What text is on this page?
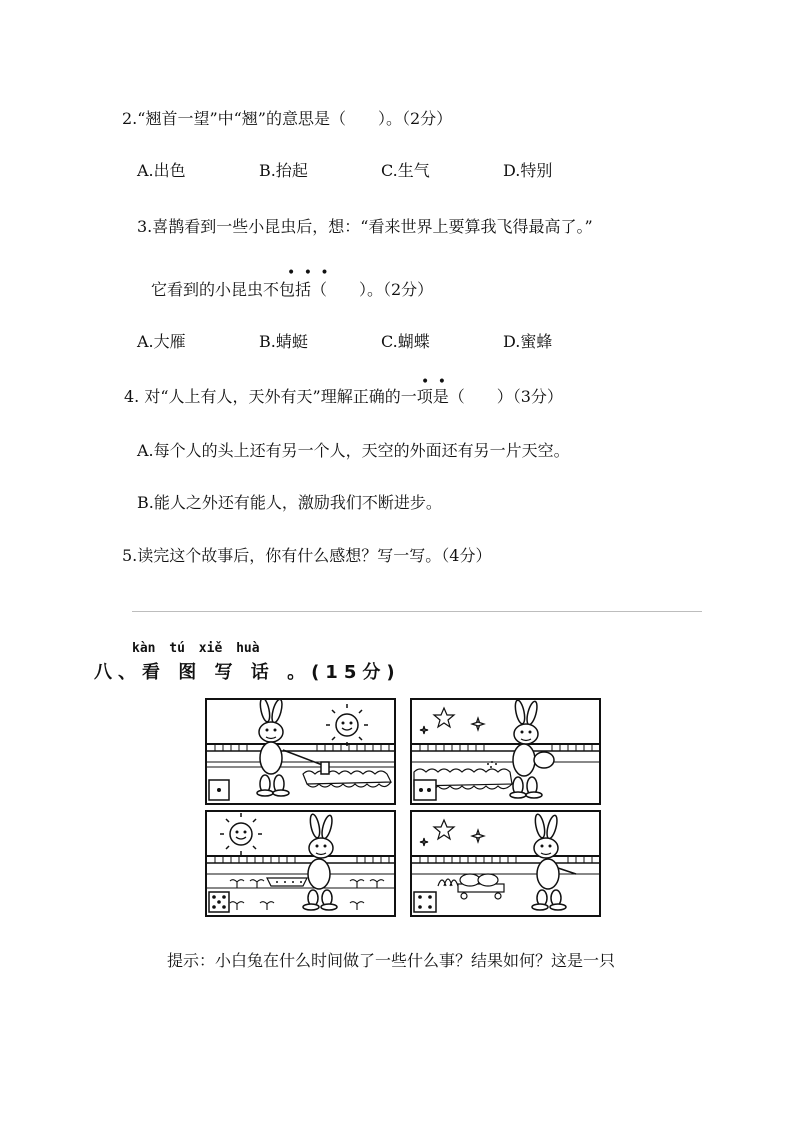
2.“翘首一望”中“翘”的意思是（　　）。（2分）
A.出色	B.抬起	C.生气	D.特别
3.喜鹊看到一些小昆虫后，想：“看来世界上要算我飞得最高了。”
• • •
它看到的小昆虫不包括（　　）。（2分）
A.大雁	B.蜻蜓	C.蝴蝶	D.蜜蜂
• •
4. 对“人上有人，天外有天”理解正确的一项是（　　）（3分）
A.每个人的头上还有另一个人，天空的外面还有另一片天空。
B.能人之外还有能人，激励我们不断进步。
5.读完这个故事后，你有什么感想？写一写。（4分）
kàn tú xiě huà
八、看 图 写 话 。(15分)
提示：小白兔在什么时间做了一些什么事？结果如何？这是一只
